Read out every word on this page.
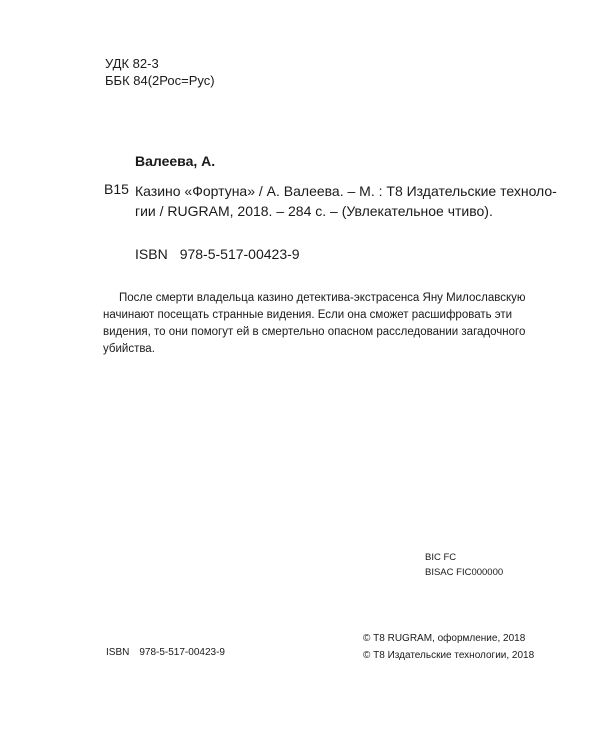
УДК 82-3
ББК 84(2Рос=Рус)
Валеева, А.
В15 Казино «Фортуна» / А. Валеева. – М. : Т8 Издательские техноло-
гии / RUGRAM, 2018. – 284 с. – (Увлекательное чтиво).
ISBN 978-5-517-00423-9
После смерти владельца казино детектива-экстрасенса Яну Милославскую
начинают посещать странные видения. Если она сможет расшифровать эти
видения, то они помогут ей в смертельно опасном расследовании загадочного
убийства.
BIC FC
BISAC FIC000000
© Т8 RUGRAM, оформление, 2018
© Т8 Издательские технологии, 2018
ISBN 978-5-517-00423-9
